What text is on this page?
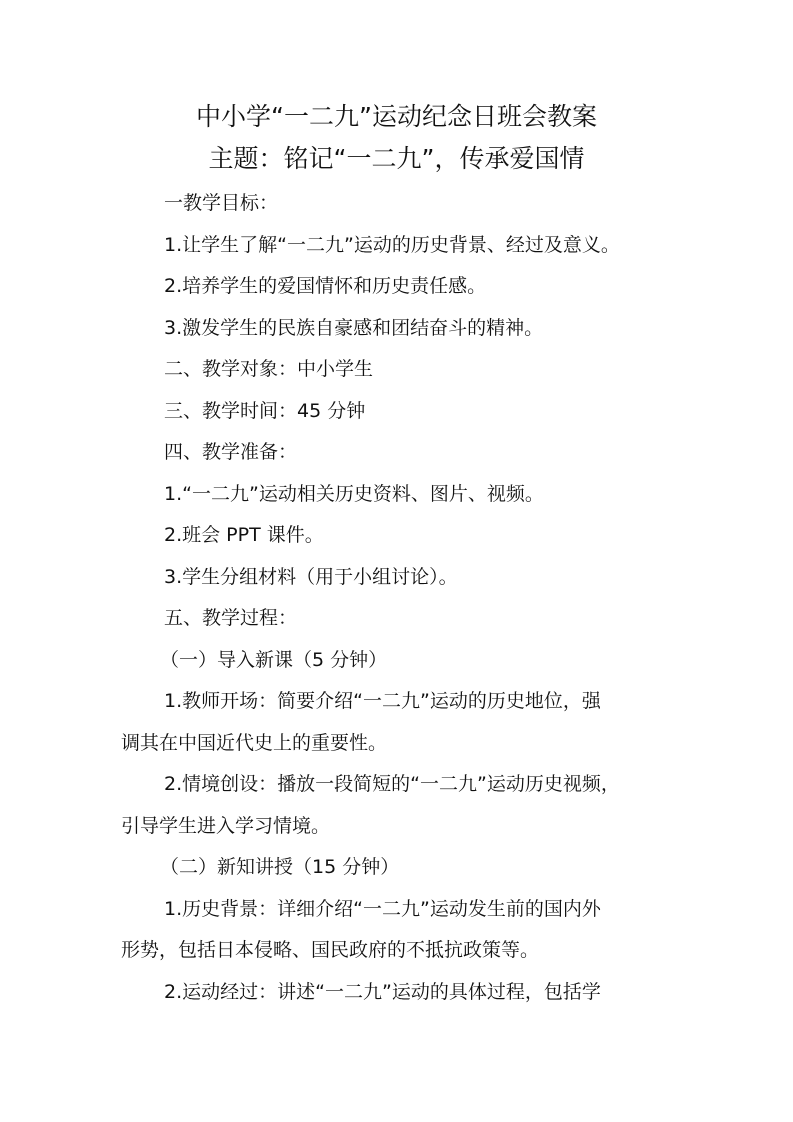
中小学“一二九”运动纪念日班会教案
主题：铭记“一二九”，传承爱国情
一教学目标：
1.让学生了解“一二九”运动的历史背景、经过及意义。
2.培养学生的爱国情怀和历史责任感。
3.激发学生的民族自豪感和团结奋斗的精神。
二、教学对象：中小学生
三、教学时间：45 分钟
四、教学准备：
1.“一二九”运动相关历史资料、图片、视频。
2.班会 PPT 课件。
3.学生分组材料（用于小组讨论）。
五、教学过程：
（一）导入新课（5 分钟）
1.教师开场：简要介绍“一二九”运动的历史地位，强
调其在中国近代史上的重要性。
2.情境创设：播放一段简短的“一二九”运动历史视频，
引导学生进入学习情境。
（二）新知讲授（15 分钟）
1.历史背景：详细介绍“一二九”运动发生前的国内外
形势，包括日本侵略、国民政府的不抵抗政策等。
2.运动经过：讲述“一二九”运动的具体过程，包括学
